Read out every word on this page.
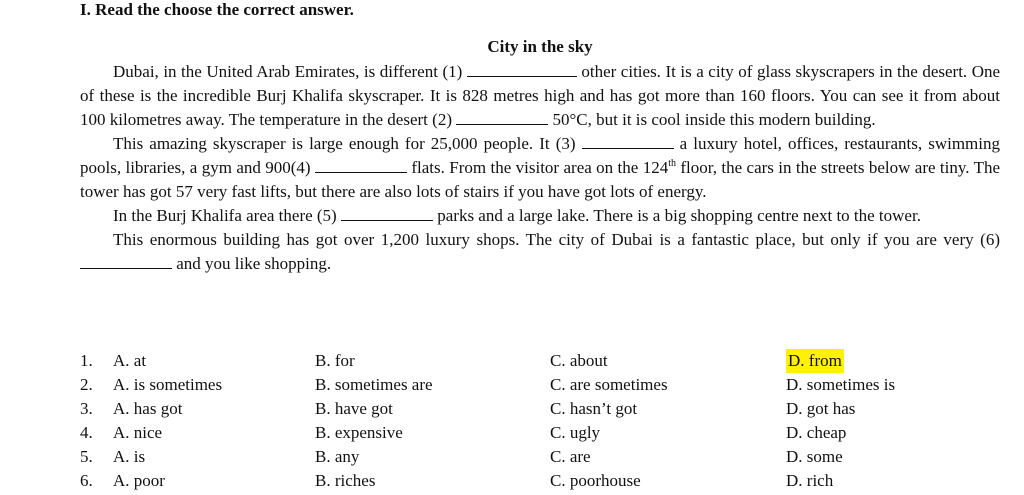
I. Read the choose the correct answer.
City in the sky

Dubai, in the United Arab Emirates, is different (1)	other cities. It is a city of glass skyscrapers in the desert. One of these is the incredible Burj Khalifa skyscraper. It is 828 metres high and has got more than 160 floors. You can see it from about 100 kilometres away. The temperature in the desert (2)	50°C, but it is cool inside this modern building.

This amazing skyscraper is large enough for 25,000 people. It (3)	a luxury hotel, offices, restaurants, swimming pools, libraries, a gym and 900(4)	flats. From the visitor area on the 124th floor, the cars in the streets below are tiny. The tower has got 57 very fast lifts, but there are also lots of stairs if you have got lots of energy.

In the Burj Khalifa area there (5)	parks and a large lake. There is a big shopping centre next to the tower.

This enormous building has got over 1,200 luxury shops. The city of Dubai is a fantastic place, but only if you are very (6)  and you like shopping.

1. A. at	B. for	C. about	D. from
2. A. is sometimes	B. sometimes are	C. are sometimes	D. sometimes is
3. A. has got	B. have got	C. hasn’t got	D. got has
4. A. nice	B. expensive	C. ugly	D. cheap
5. A. is	B. any	C. are	D. some
6. A. poor	B. riches	C. poorhouse	D. rich
